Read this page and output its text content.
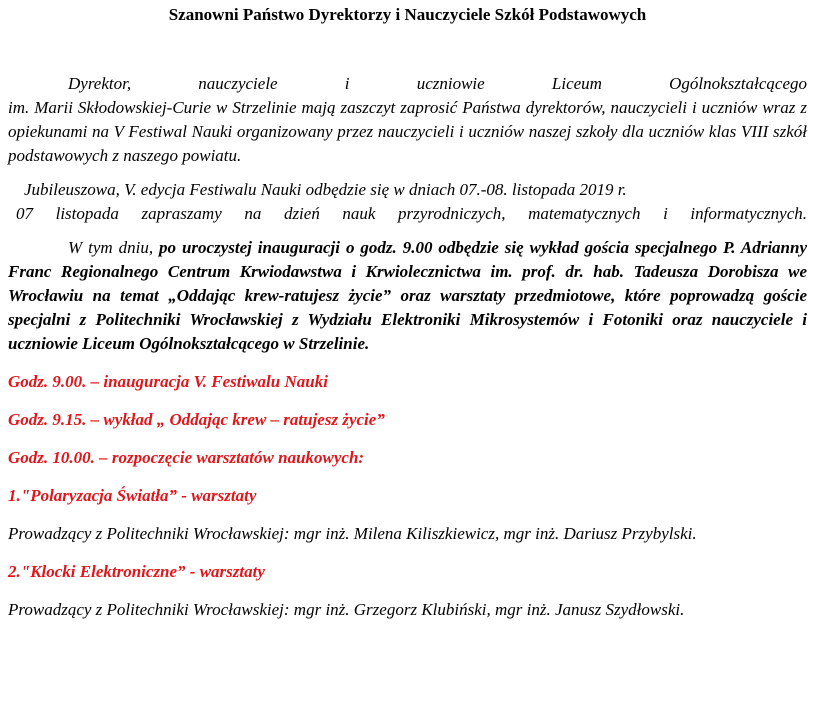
Szanowni Państwo Dyrektorzy i Nauczyciele Szkół Podstawowych

Dyrektor, nauczyciele i uczniowie Liceum Ogólnokształcącego

im. Marii Skłodowskiej-Curie w Strzelinie mają zaszczyt zaprosić Państwa dyrektorów, nauczycieli i uczniów wraz z opiekunami na V Festiwal Nauki organizowany przez nauczycieli i uczniów naszej szkoły dla uczniów klas VIII szkół podstawowych z naszego powiatu.

Jubileuszowa, V. edycja Festiwalu Nauki odbędzie się w dniach 07.-08. listopada 2019 r.

07 listopada zapraszamy na dzień nauk przyrodniczych, matematycznych i informatycznych.

W tym dniu, po uroczystej inauguracji o godz. 9.00 odbędzie się wykład gościa specjalnego P. Adrianny Franc Regionalnego Centrum Krwiodawstwa i Krwiolecznictwa im. prof. dr. hab. Tadeusza Dorobisza we Wrocławiu na temat „Oddając krew-ratujesz życie” oraz warsztaty przedmiotowe, które poprowadzą goście specjalni z Politechniki Wrocławskiej z Wydziału Elektroniki Mikrosystemów i Fotoniki oraz nauczyciele i uczniowie Liceum Ogólnokształcącego w Strzelinie.

Godz. 9.00. – inauguracja V. Festiwalu Nauki

Godz. 9.15. – wykład „ Oddając krew – ratujesz życie”

Godz. 10.00. – rozpoczęcie warsztatów naukowych:

1."Polaryzacja Światła” - warsztaty

Prowadzący z Politechniki Wrocławskiej: mgr inż. Milena Kiliszkiewicz, mgr inż. Dariusz Przybylski.

2."Klocki Elektroniczne” - warsztaty

Prowadzący z Politechniki Wrocławskiej: mgr inż. Grzegorz Klubiński, mgr inż. Janusz Szydłowski.
